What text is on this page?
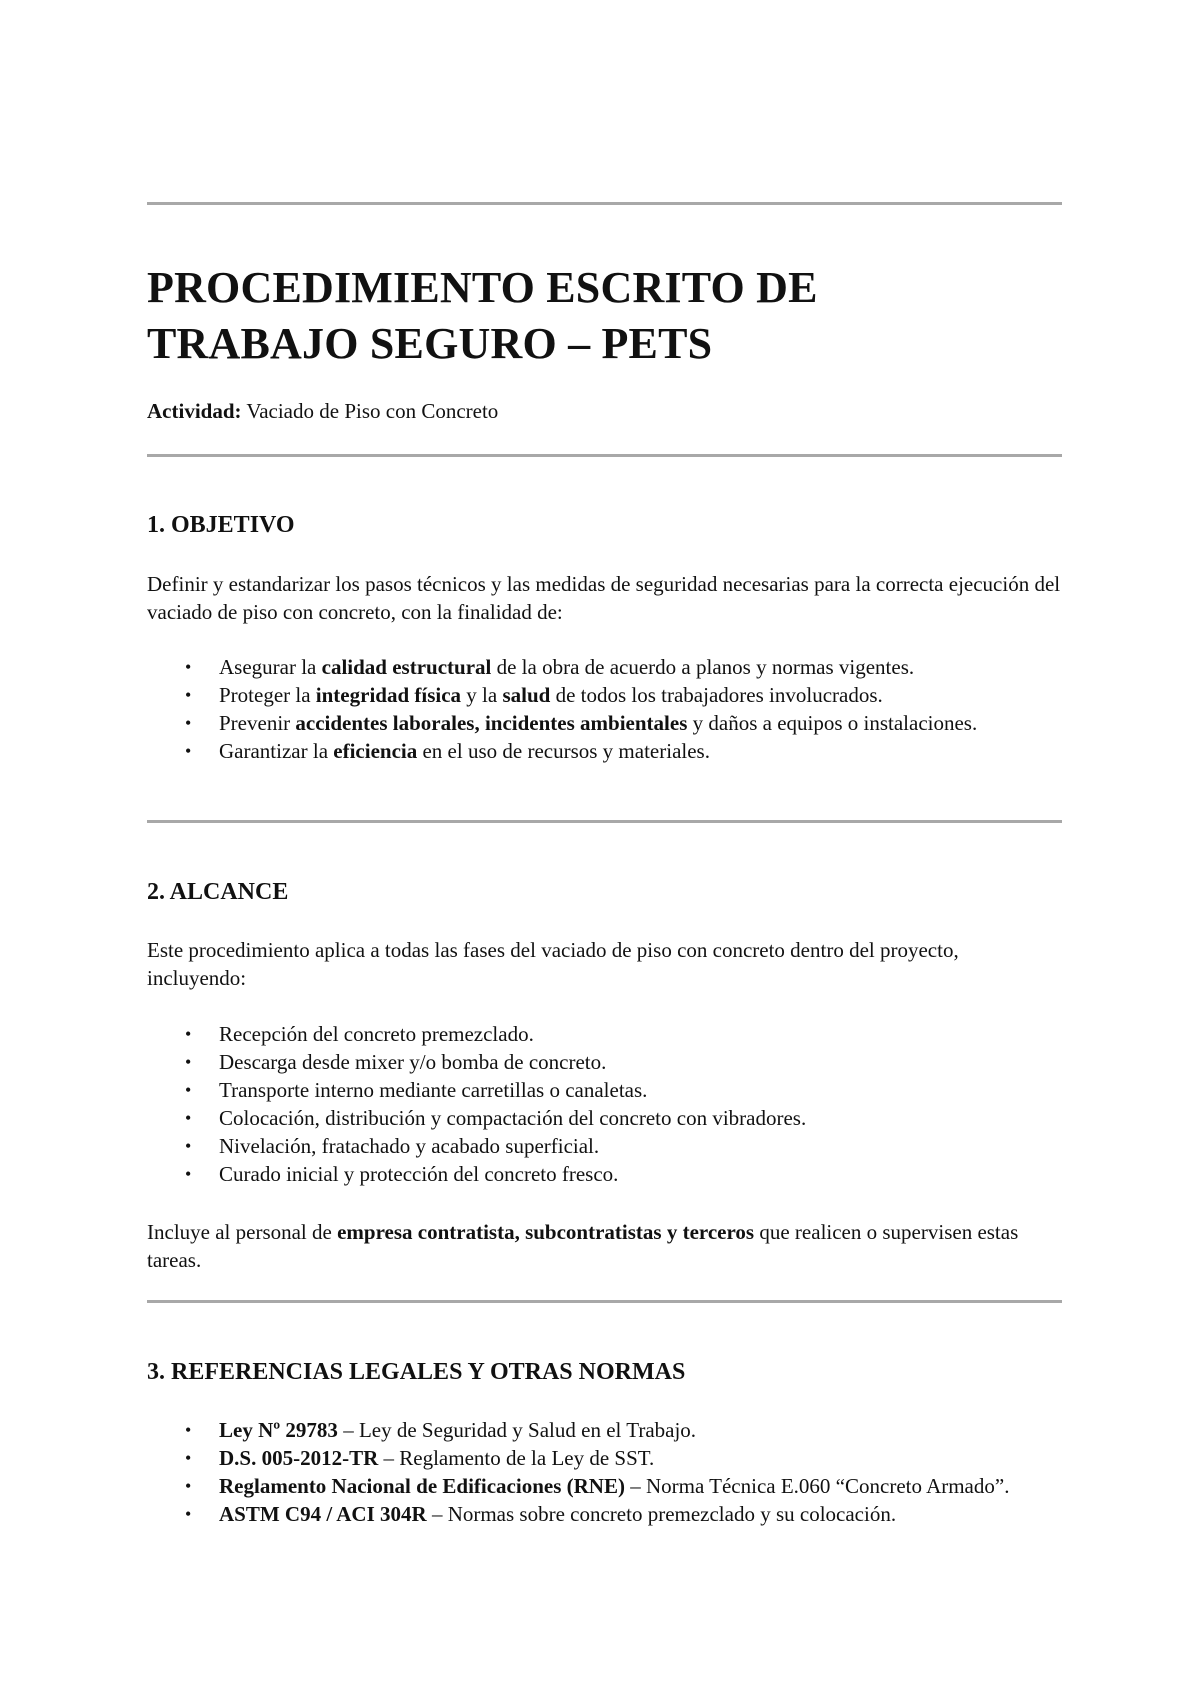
PROCEDIMIENTO ESCRITO DE
TRABAJO SEGURO – PETS
Actividad: Vaciado de Piso con Concreto
1. OBJETIVO

Definir y estandarizar los pasos técnicos y las medidas de seguridad necesarias para la correcta ejecución del vaciado de piso con concreto, con la finalidad de:

• Asegurar la calidad estructural de la obra de acuerdo a planos y normas vigentes.
• Proteger la integridad física y la salud de todos los trabajadores involucrados.
• Prevenir accidentes laborales, incidentes ambientales y daños a equipos o instalaciones.
• Garantizar la eficiencia en el uso de recursos y materiales.
2. ALCANCE

Este procedimiento aplica a todas las fases del vaciado de piso con concreto dentro del proyecto, incluyendo:

• Recepción del concreto premezclado.
• Descarga desde mixer y/o bomba de concreto.
• Transporte interno mediante carretillas o canaletas.
• Colocación, distribución y compactación del concreto con vibradores.
• Nivelación, fratachado y acabado superficial.
• Curado inicial y protección del concreto fresco.

Incluye al personal de empresa contratista, subcontratistas y terceros que realicen o supervisen estas tareas.

3. REFERENCIAS LEGALES Y OTRAS NORMAS
• Ley Nº 29783 – Ley de Seguridad y Salud en el Trabajo.
• D.S. 005-2012-TR – Reglamento de la Ley de SST.
• Reglamento Nacional de Edificaciones (RNE) – Norma Técnica E.060 “Concreto Armado”.
• ASTM C94 / ACI 304R – Normas sobre concreto premezclado y su colocación.
